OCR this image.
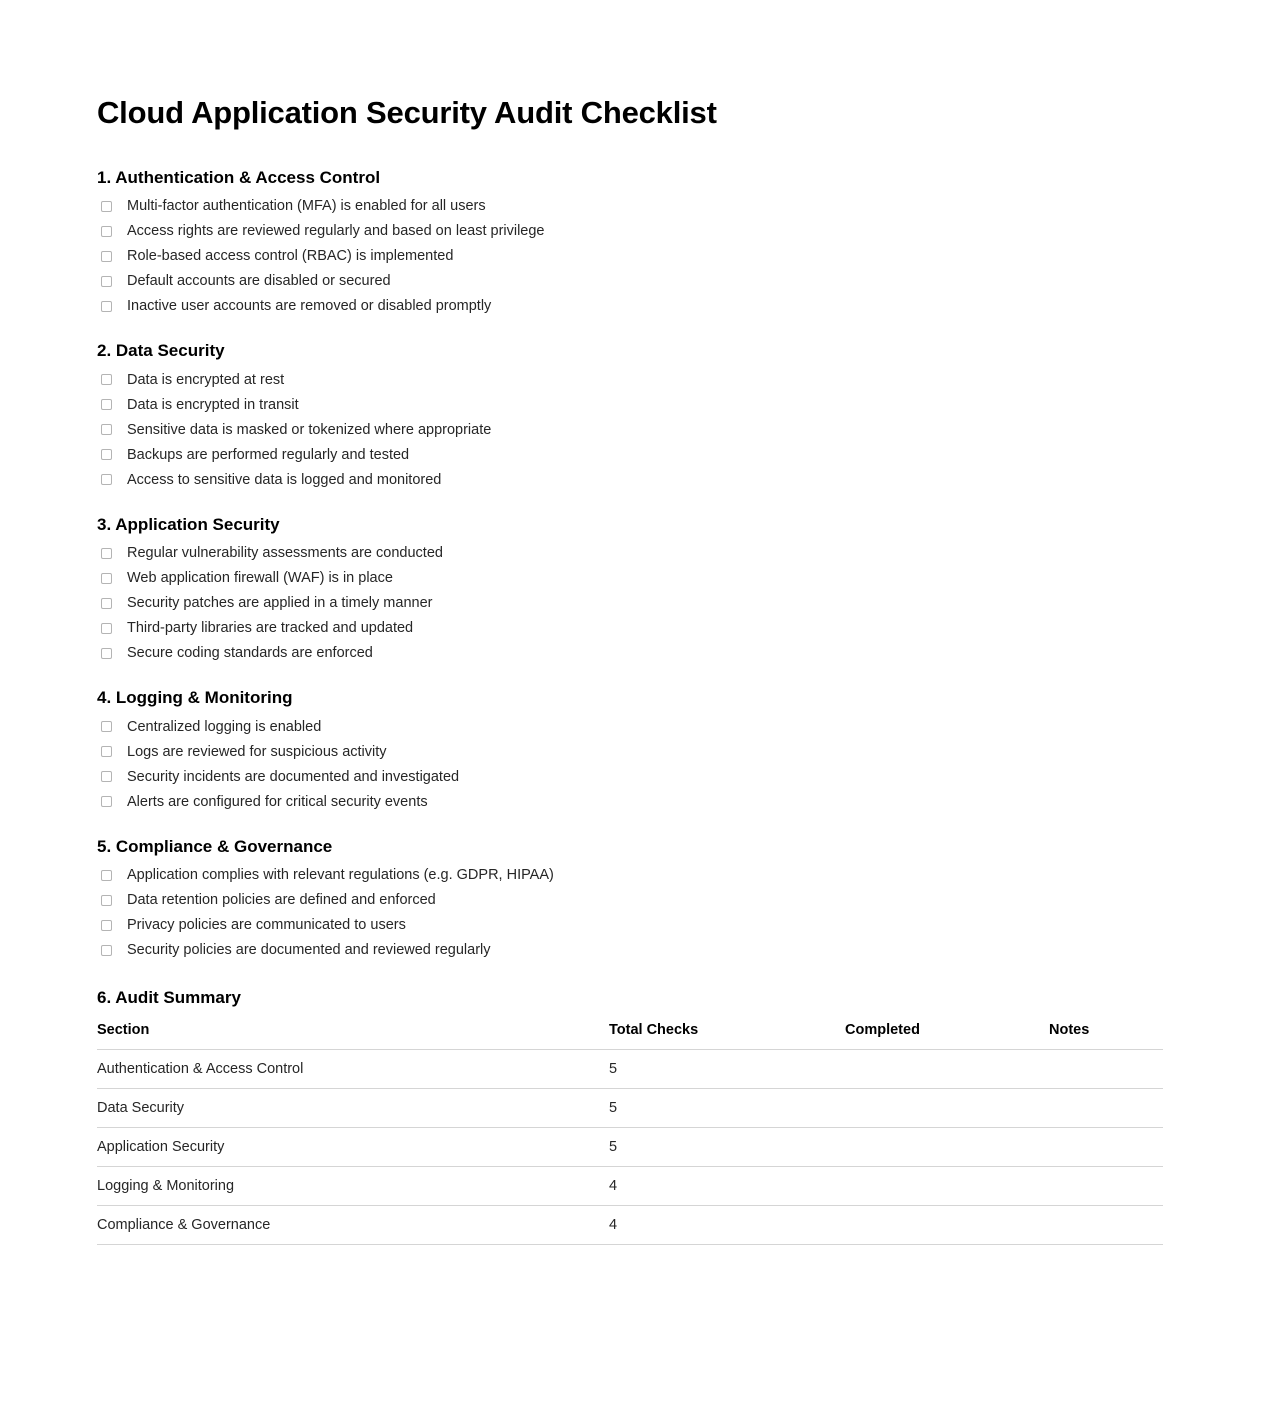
Cloud Application Security Audit Checklist
1. Authentication & Access Control
Multi-factor authentication (MFA) is enabled for all users
Access rights are reviewed regularly and based on least privilege
Role-based access control (RBAC) is implemented
Default accounts are disabled or secured
Inactive user accounts are removed or disabled promptly
2. Data Security
Data is encrypted at rest
Data is encrypted in transit
Sensitive data is masked or tokenized where appropriate
Backups are performed regularly and tested
Access to sensitive data is logged and monitored
3. Application Security
Regular vulnerability assessments are conducted
Web application firewall (WAF) is in place
Security patches are applied in a timely manner
Third-party libraries are tracked and updated
Secure coding standards are enforced
4. Logging & Monitoring
Centralized logging is enabled
Logs are reviewed for suspicious activity
Security incidents are documented and investigated
Alerts are configured for critical security events
5. Compliance & Governance
Application complies with relevant regulations (e.g. GDPR, HIPAA)
Data retention policies are defined and enforced
Privacy policies are communicated to users
Security policies are documented and reviewed regularly
6. Audit Summary
Section	Total Checks	Completed	Notes
Authentication & Access Control	5		
Data Security	5		
Application Security	5		
Logging & Monitoring	4		
Compliance & Governance	4		
